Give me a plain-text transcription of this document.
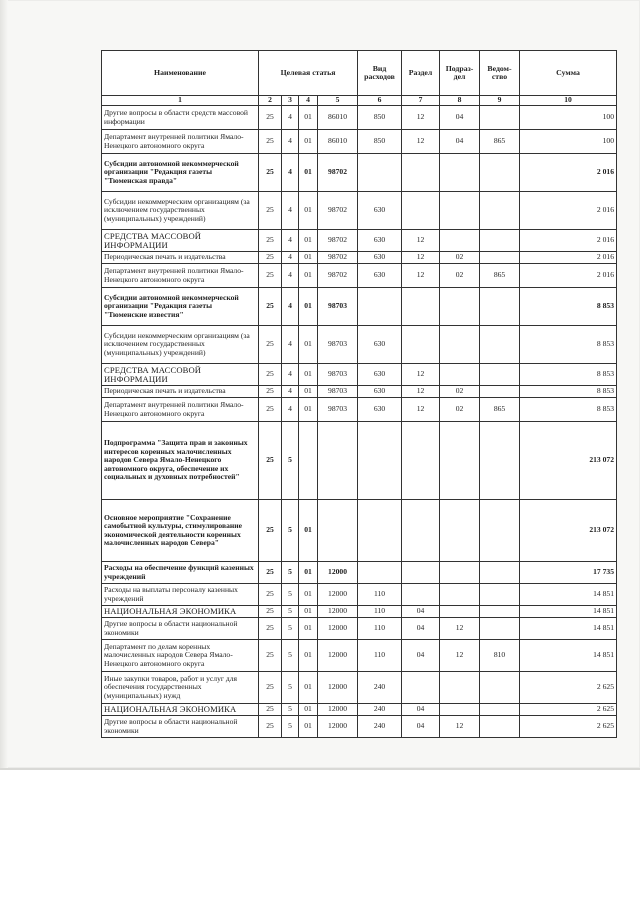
Наименование	Целевая статья				Вид расходов	Раздел	Подраз-дел	Ведом-ство	Сумма
1	2	3	4	5	6	7	8	9	10
Другие вопросы в области средств массовой информации	25	4	01	86010	850	12	04		100
Департамент внутренней политики Ямало-Ненецкого автономного округа	25	4	01	86010	850	12	04	865	100
Субсидии автономной некоммерческой организации "Редакция газеты "Тюменская правда"	25	4	01	98702					2 016
Субсидии некоммерческим организациям (за исключением государственных (муниципальных) учреждений)	25	4	01	98702	630				2 016
СРЕДСТВА МАССОВОЙ ИНФОРМАЦИИ	25	4	01	98702	630	12			2 016
Периодическая печать и издательства	25	4	01	98702	630	12	02		2 016
Департамент внутренней политики Ямало-Ненецкого автономного округа	25	4	01	98702	630	12	02	865	2 016
Субсидии автономной некоммерческой организации "Редакция газеты "Тюменские известия"	25	4	01	98703					8 853
Субсидии некоммерческим организациям (за исключением государственных (муниципальных) учреждений)	25	4	01	98703	630				8 853
СРЕДСТВА МАССОВОЙ ИНФОРМАЦИИ	25	4	01	98703	630	12			8 853
Периодическая печать и издательства	25	4	01	98703	630	12	02		8 853
Департамент внутренней политики Ямало-Ненецкого автономного округа	25	4	01	98703	630	12	02	865	8 853
Подпрограмма "Защита прав и законных интересов коренных малочисленных народов Севера Ямало-Ненецкого автономного округа, обеспечение их социальных и духовных потребностей"	25	5							213 072
Основное мероприятие "Сохранение самобытной культуры, стимулирование экономической деятельности коренных малочисленных народов Севера"	25	5	01						213 072
Расходы на обеспечение функций казенных учреждений	25	5	01	12000					17 735
Расходы на выплаты персоналу казенных учреждений	25	5	01	12000	110				14 851
НАЦИОНАЛЬНАЯ ЭКОНОМИКА	25	5	01	12000	110	04			14 851
Другие вопросы в области национальной экономики	25	5	01	12000	110	04	12		14 851
Департамент по делам коренных малочисленных народов Севера Ямало-Ненецкого автономного округа	25	5	01	12000	110	04	12	810	14 851
Иные закупки товаров, работ и услуг для обеспечения государственных (муниципальных) нужд	25	5	01	12000	240				2 625
НАЦИОНАЛЬНАЯ ЭКОНОМИКА	25	5	01	12000	240	04			2 625
Другие вопросы в области национальной экономики	25	5	01	12000	240	04	12		2 625
